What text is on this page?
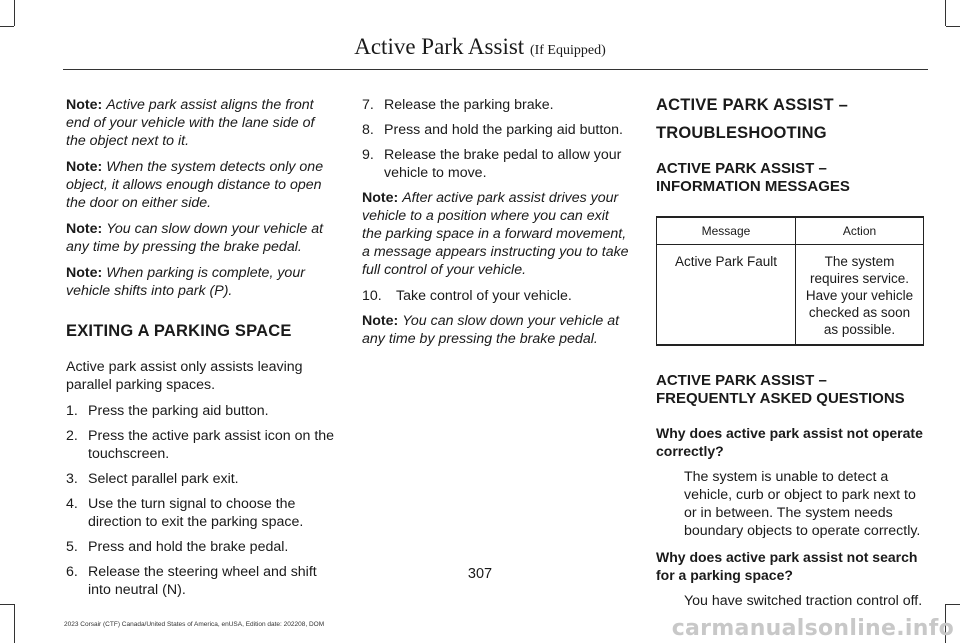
Active Park Assist (If Equipped)

Note: Active park assist aligns the front end of your vehicle with the lane side of the object next to it.

Note: When the system detects only one object, it allows enough distance to open the door on either side.

Note: You can slow down your vehicle at any time by pressing the brake pedal.

Note: When parking is complete, your vehicle shifts into park (P).

EXITING A PARKING SPACE

Active park assist only assists leaving parallel parking spaces.

1. Press the parking aid button.
2. Press the active park assist icon on the touchscreen.
3. Select parallel park exit.
4. Use the turn signal to choose the direction to exit the parking space.
5. Press and hold the brake pedal.
6. Release the steering wheel and shift into neutral (N).
7. Release the parking brake.
8. Press and hold the parking aid button.
9. Release the brake pedal to allow your vehicle to move.

Note: After active park assist drives your vehicle to a position where you can exit the parking space in a forward movement, a message appears instructing you to take full control of your vehicle.

10.	Take control of your vehicle.

Note: You can slow down your vehicle at any time by pressing the brake pedal.

ACTIVE PARK ASSIST –
TROUBLESHOOTING
ACTIVE PARK ASSIST – INFORMATION MESSAGES
Message	Action
Active Park Fault	The system requires service. Have your vehicle checked as soon as possible.
ACTIVE PARK ASSIST – FREQUENTLY ASKED QUESTIONS

Why does active park assist not operate correctly?

The system is unable to detect a vehicle, curb or object to park next to or in between. The system needs boundary objects to operate correctly.

Why does active park assist not search for a parking space?

You have switched traction control off.

307
2023 Corsair (CTF) Canada/United States of America, enUSA, Edition date: 202208, DOM	carmanualsonline.info
